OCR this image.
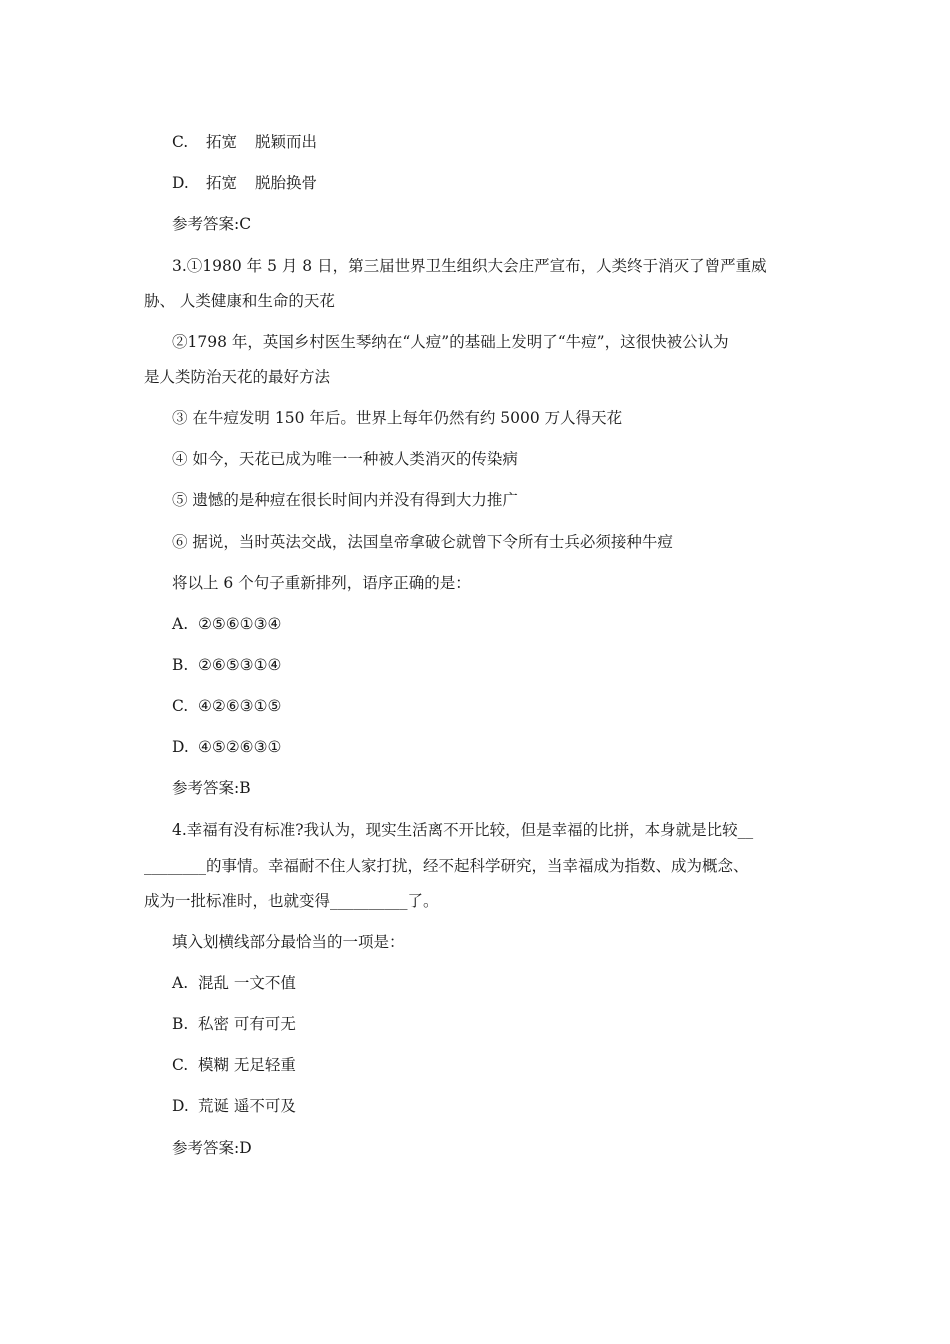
C. 拓宽 脱颖而出
D. 拓宽 脱胎换骨
参考答案:C
3.①1980 年 5 月 8 日，第三届世界卫生组织大会庄严宣布，人类终于消灭了曾严重威
胁、 人类健康和生命的天花
②1798 年，英国乡村医生琴纳在“人痘”的基础上发明了“牛痘”，这很快被公认为
是人类防治天花的最好方法
③ 在牛痘发明 150 年后。世界上每年仍然有约 5000 万人得天花
④ 如今，天花已成为唯一一种被人类消灭的传染病
⑤ 遗憾的是种痘在很长时间内并没有得到大力推广
⑥ 据说，当时英法交战，法国皇帝拿破仑就曾下令所有士兵必须接种牛痘
将以上 6 个句子重新排列，语序正确的是：
A. ②⑤⑥①③④
B. ②⑥⑤③①④
C. ④②⑥③①⑤
D. ④⑤②⑥③①
参考答案:B
4.幸福有没有标准?我认为，现实生活离不开比较，但是幸福的比拼，本身就是比较__
________的事情。幸福耐不住人家打扰，经不起科学研究，当幸福成为指数、成为概念、
成为一批标准时，也就变得__________了。
填入划横线部分最恰当的一项是：
A. 混乱 一文不值
B. 私密 可有可无
C. 模糊 无足轻重
D. 荒诞 遥不可及
参考答案:D
